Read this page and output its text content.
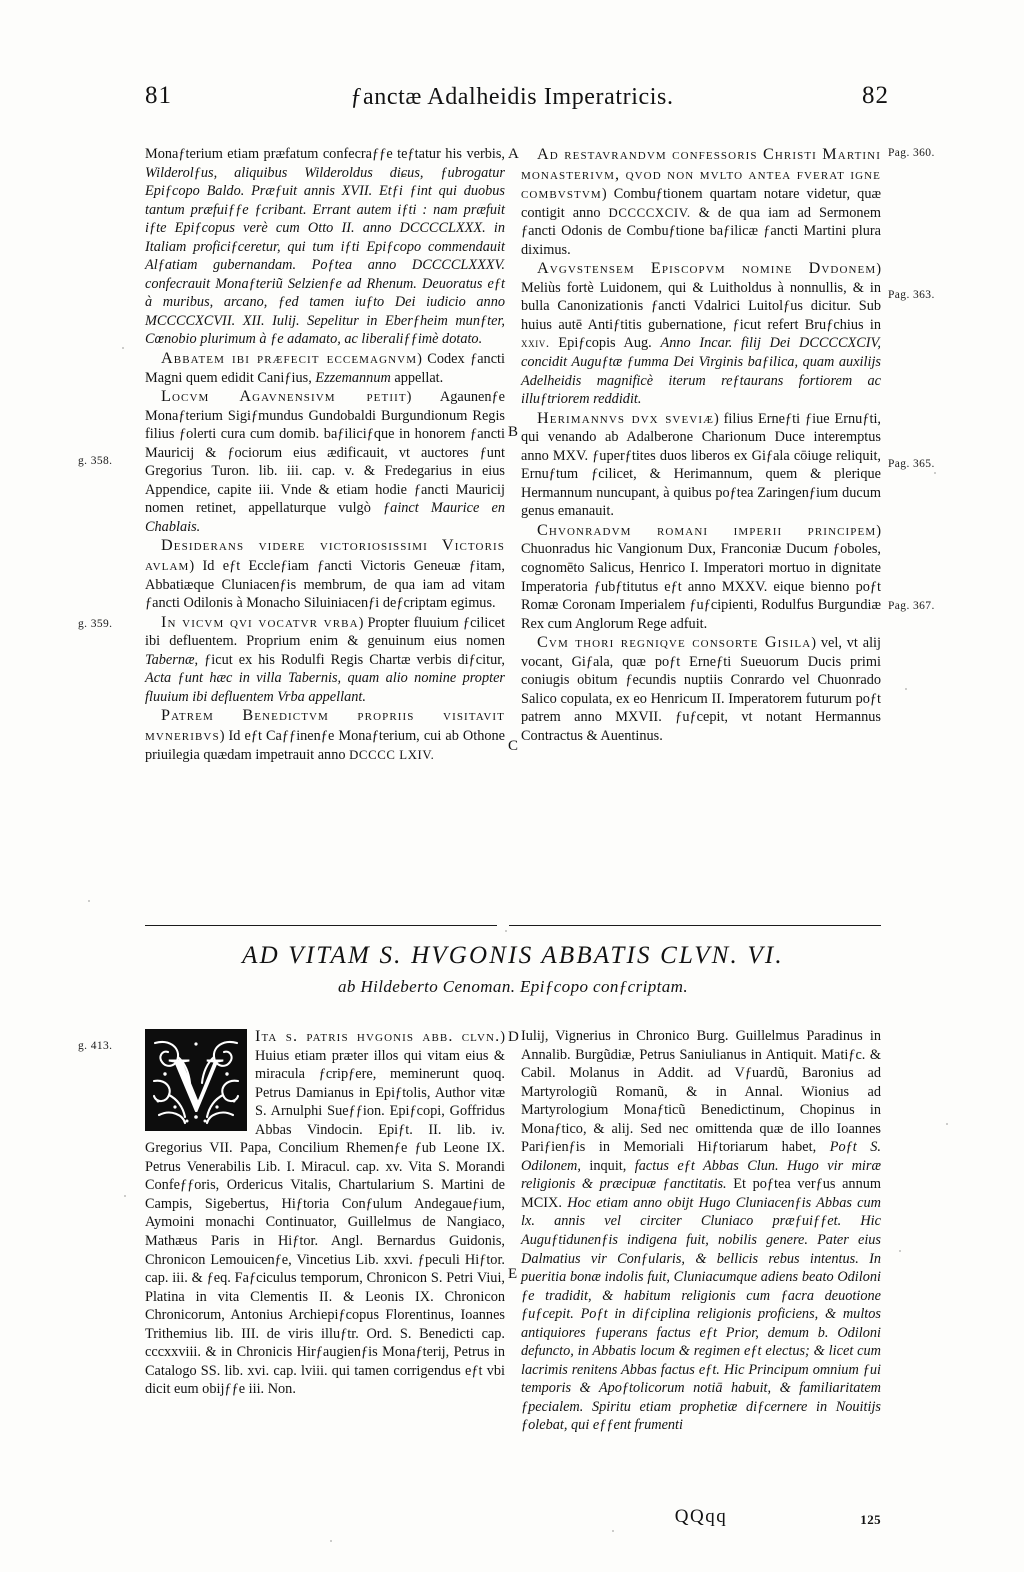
81	ƒanctæ Adalheidis Imperatricis.	82
g. 358.
g. 359.
g. 413.
Pag. 360.
Pag. 363.
Pag. 365.
Pag. 367.
A
B
C
D
E

Monaƒterium etiam præfatum confecraƒƒe teƒtatur his verbis, Wilderolƒus, aliquibus Wilderoldus diɕus, ƒubrogatur Epiƒcopo Baldo. Præƒuit annis XVII. Etƒi ƒint qui duobus tantum præfuiƒƒe ƒcribant. Errant autem iƒti : nam præfuit iƒte Epiƒcopus verè cum Otto II. anno DCCCCLXXX. in Italiam proficiƒceretur, qui tum iƒti Epiƒcopo commendauit Alƒatiam gubernandam. Poƒtea anno DCCCCLXXXV. confecrauit Monaƒteriũ Selzienƒe ad Rhenum. Deuoratus eƒt à muribus, arcano, ƒed tamen iuƒto Dei iudicio anno MCCCCXCVII. XII. Iulij. Sepelitur in Eberƒheim munƒter, Cœnobio plurimum à ƒe adamato, ac liberaliƒƒimè dotato.

Abbatem ibi præfecit eccemagnvm) Codex ƒancti Magni quem edidit Caniƒius, Ezzemannum appellat.

Locvm Agavnensivm petiit) Agaunenƒe Monaƒterium Sigiƒmundus Gundobaldi Burgundionum Regis filius ƒolerti cura cum domib. baƒiliciƒque in honorem ƒancti Mauricij & ƒociorum eius ædificauit, vt auctores ƒunt Gregorius Turon. lib. iii. cap. v. & Fredegarius in eius Appendice, capite iii. Vnde & etiam hodie ƒancti Mauricij nomen retinet, appellaturque vulgò ƒainct Maurice en Chablais.

Desiderans videre victoriosissimi Victoris avlam) Id eƒt Eccleƒiam ƒancti Victoris Geneuæ ƒitam, Abbatiæque Cluniacenƒis membrum, de qua iam ad vitam ƒancti Odilonis à Monacho Siluiniacenƒi deƒcriptam egimus.

In vicvm qvi vocatvr vrba) Propter fluuium ƒcilicet ibi defluentem. Proprium enim & genuinum eius nomen Tabernæ, ƒicut ex his Rodulfi Regis Chartæ verbis diƒcitur, Acta ƒunt hæc in villa Tabernis, quam alio nomine propter fluuium ibi defluentem Vrba appellant.

Patrem Benedictvm propriis visitavit mvneribvs) Id eƒt Caƒƒinenƒe Monaƒterium, cui ab Othone priuilegia quædam impetrauit anno DCCCC LXIV.

Ad restavrandvm confessoris Christi Martini monasterivm, qvod non mvlto antea fverat igne combvstvm) Combuƒtionem quartam notare videtur, quæ contigit anno DCCCCXCIV. & de qua iam ad Sermonem ƒancti Odonis de Combuƒtione baƒilicæ ƒancti Martini plura diximus.

Avgvstensem Episcopvm nomine Dvdonem) Meliùs fortè Luidonem, qui & Luitholdus à nonnullis, & in bulla Canonizationis ƒancti Vdalrici Luitolƒus dicitur. Sub huius autē Antiƒtitis gubernatione, ƒicut refert Bruƒchius in xxiv. Epiƒcopis Aug. Anno Incar. filij Dei DCCCCXCIV, concidit Auguƒtæ ƒumma Dei Virginis baƒilica, quam auxilijs Adelheidis magnificè iterum reƒtaurans fortiorem ac illuƒtriorem reddidit.

Herimannvs dvx sveviæ) filius Erneƒti ƒiue Ernuƒti, qui venando ab Adalberone Charionum Duce interemptus anno MXV. ƒuperƒtites duos liberos ex Giƒala cōiuge reliquit, Ernuƒtum ƒcilicet, & Herimannum, quem & plerique Hermannum nuncupant, à quibus poƒtea Zaringenƒium ducum genus emanauit.

Chvonradvm romani imperii principem) Chuonradus hic Vangionum Dux, Franconiæ Ducum ƒoboles, cognomēto Salicus, Henrico I. Imperatori mortuo in dignitate Imperatoria ƒubƒtitutus eƒt anno MXXV. eique bienno poƒt Romæ Coronam Imperialem ƒuƒcipienti, Rodulfus Burgundiæ Rex cum Anglorum Rege adfuit.

Cvm thori regniqve consorte Gisila) vel, vt alij vocant, Giƒala, quæ poƒt Erneƒti Sueuorum Ducis primi coniugis obitum ƒecundis nuptiis Conrardo vel Chuonrado Salico copulata, ex eo Henricum II. Imperatorem futurum poƒt patrem anno MXVII. ƒuƒcepit, vt notant Hermannus Contractus & Auentinus.

AD VITAM S. HVGONIS ABBATIS CLVN. VI.
ab Hildeberto Cenoman. Epiƒcopo conƒcriptam.

V
Ita s. patris hvgonis abb. clvn.) Huius etiam præter illos qui vitam eius & miracula ƒcripƒere, meminerunt quoq. Petrus Damianus in Epiƒtolis, Author vitæ S. Arnulphi Sueƒƒion. Epiƒcopi, Goffridus Abbas Vindocin. Epiƒt. II. lib. iv. Gregorius VII. Papa, Concilium Rhemenƒe ƒub Leone IX. Petrus Venerabilis Lib. I. Miracul. cap. xv. Vita S. Morandi Confeƒƒoris, Ordericus Vitalis, Chartularium S. Martini de Campis, Sigebertus, Hiƒtoria Conƒulum Andegaueƒium, Aymoini monachi Continuator, Guillelmus de Nangiaco, Mathæus Paris in Hiƒtor. Angl. Bernardus Guidonis, Chronicon Lemouicenƒe, Vincetius Lib. xxvi. ƒpeculi Hiƒtor. cap. iii. & ƒeq. Faƒciculus temporum, Chronicon S. Petri Viui, Platina in vita Clementis II. & Leonis IX. Chronicon Chronicorum, Antonius Archiepiƒcopus Florentinus, Ioannes Trithemius lib. III. de viris illuƒtr. Ord. S. Benedicti cap. cccxxviii. & in Chronicis Hirƒaugienƒis Monaƒterij, Petrus in Catalogo SS. lib. xvi. cap. lviii. qui tamen corrigendus eƒt vbi dicit eum obijƒƒe iii. Non.

Iulij, Vignerius in Chronico Burg. Guillelmus Paradinus in Annalib. Burgũdiæ, Petrus Saniulianus in Antiquit. Matiƒc. & Cabil. Molanus in Addit. ad Vƒuardũ, Baronius ad Martyrologiũ Romanũ, & in Annal. Wionius ad Martyrologium Monaƒticũ Benedictinum, Chopinus in Monaƒtico, & alij. Sed nec omittenda quæ de illo Ioannes Pariƒienƒis in Memoriali Hiƒtoriarum habet, Poƒt S. Odilonem, inquit, factus eƒt Abbas Clun. Hugo vir miræ religionis & præcipuæ ƒanctitatis. Et poƒtea verƒus annum MCIX. Hoc etiam anno obijt Hugo Cluniacenƒis Abbas cum lx. annis vel circiter Cluniaco præƒuiƒƒet. Hic Auguƒtidunenƒis indigena fuit, nobilis genere. Pater eius Dalmatius vir Conƒularis, & bellicis rebus intentus. In pueritia bonæ indolis fuit, Cluniacumque adiens beato Odiloni ƒe tradidit, & habitum religionis cum ƒacra deuotione ƒuƒcepit. Poƒt in diƒciplina religionis proficiens, & multos antiquiores ƒuperans factus eƒt Prior, demum b. Odiloni defuncto, in Abbatis locum & regimen eƒt electus; & licet cum lacrimis renitens Abbas factus eƒt. Hic Principum omnium ƒui temporis & Apoƒtolicorum notiā habuit, & familiaritatem ƒpecialem. Spiritu etiam prophetiæ diƒcernere in Nouitijs ƒolebat, qui eƒƒent frumenti

QQqq	125
